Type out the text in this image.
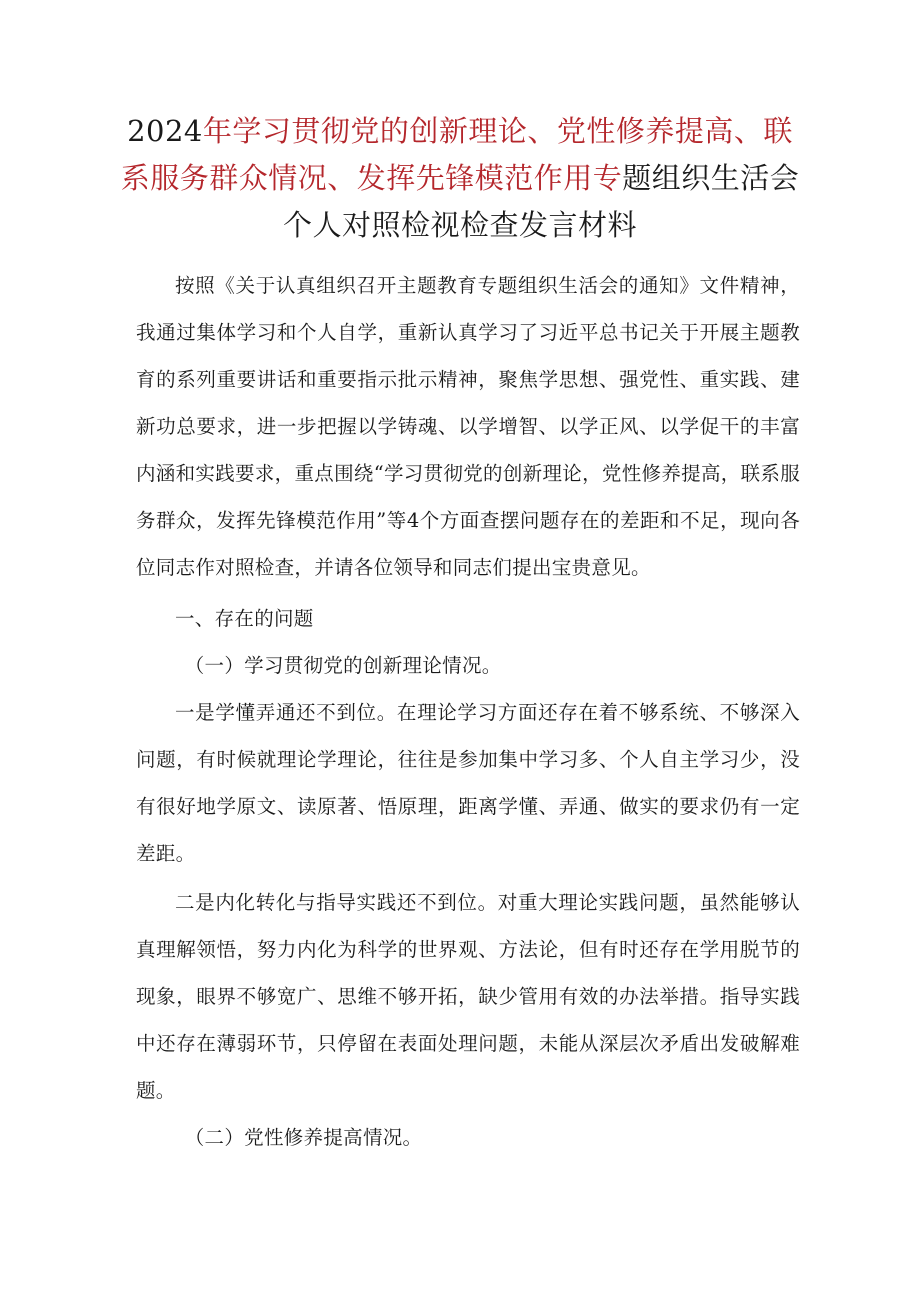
2024年学习贯彻党的创新理论、党性修养提高、联系服务群众情况、发挥先锋模范作用专题组织生活会
个人对照检视检查发言材料

按照《关于认真组织召开主题教育专题组织生活会的通知》文件精神，我通过集体学习和个人自学，重新认真学习了习近平总书记关于开展主题教育的系列重要讲话和重要指示批示精神，聚焦学思想、强党性、重实践、建新功总要求，进一步把握以学铸魂、以学增智、以学正风、以学促干的丰富内涵和实践要求，重点围绕“学习贯彻党的创新理论，党性修养提高，联系服务群众，发挥先锋模范作用”等4个方面查摆问题存在的差距和不足，现向各位同志作对照检查，并请各位领导和同志们提出宝贵意见。

一、存在的问题

（一）学习贯彻党的创新理论情况。

一是学懂弄通还不到位。在理论学习方面还存在着不够系统、不够深入问题，有时候就理论学理论，往往是参加集中学习多、个人自主学习少，没有很好地学原文、读原著、悟原理，距离学懂、弄通、做实的要求仍有一定差距。

二是内化转化与指导实践还不到位。对重大理论实践问题，虽然能够认真理解领悟，努力内化为科学的世界观、方法论，但有时还存在学用脱节的现象，眼界不够宽广、思维不够开拓，缺少管用有效的办法举措。指导实践中还存在薄弱环节，只停留在表面处理问题，未能从深层次矛盾出发破解难题。

（二）党性修养提高情况。
